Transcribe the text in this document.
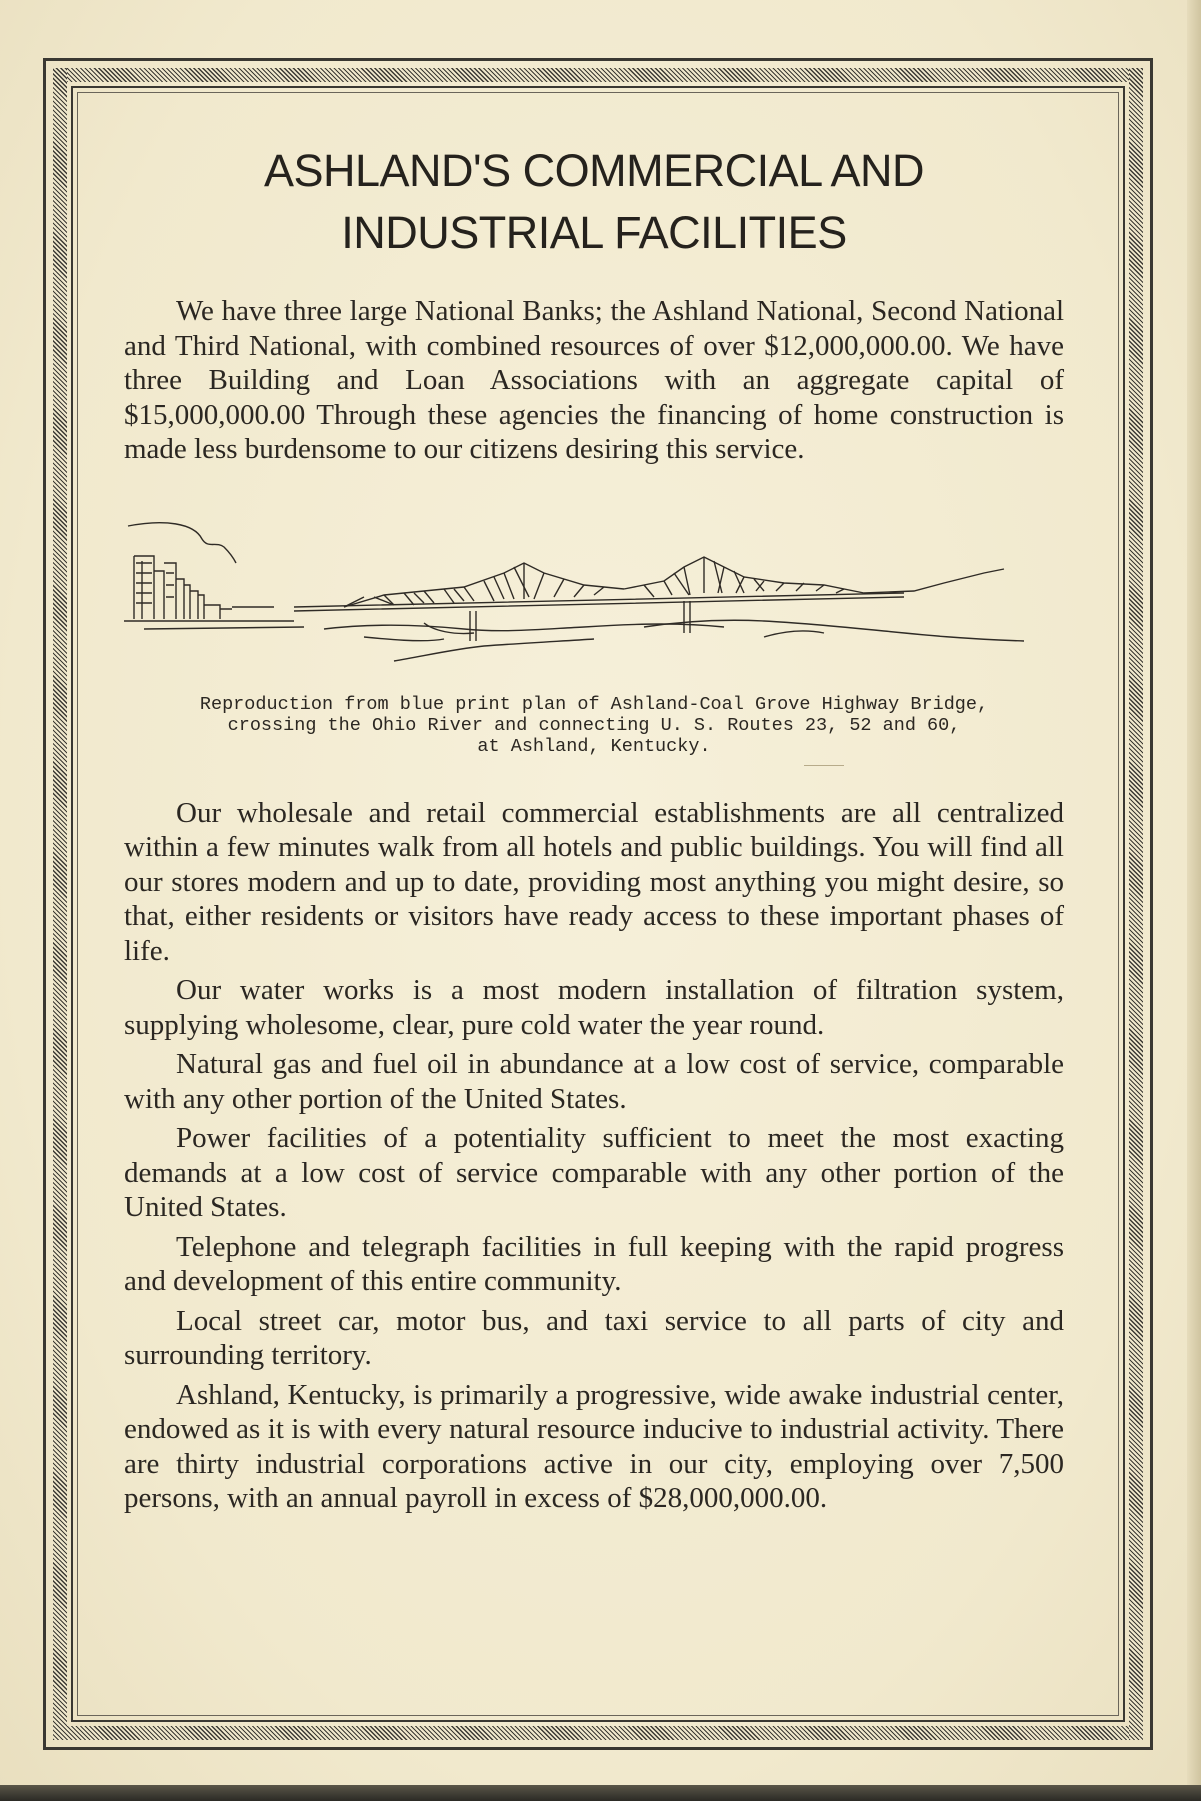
ASHLAND'S COMMERCIAL AND
INDUSTRIAL FACILITIES

We have three large National Banks; the Ashland National, Second National and Third National, with combined resources of over $12,000,000.00. We have three Building and Loan Associations with an aggregate capital of $15,000,000.00 Through these agencies the financing of home construction is made less burdensome to our citizens desiring this service.

Reproduction from blue print plan of Ashland-Coal Grove Highway Bridge,
crossing the Ohio River and connecting U. S. Routes 23, 52 and 60,
at Ashland, Kentucky.

Our wholesale and retail commercial establishments are all centralized within a few minutes walk from all hotels and public buildings. You will find all our stores modern and up to date, providing most anything you might desire, so that, either residents or visitors have ready access to these important phases of life.

Our water works is a most modern installation of filtration system, supplying wholesome, clear, pure cold water the year round.

Natural gas and fuel oil in abundance at a low cost of service, comparable with any other portion of the United States.

Power facilities of a potentiality sufficient to meet the most exacting demands at a low cost of service comparable with any other portion of the United States.

Telephone and telegraph facilities in full keeping with the rapid progress and development of this entire community.

Local street car, motor bus, and taxi service to all parts of city and surrounding territory.

Ashland, Kentucky, is primarily a progressive, wide awake industrial center, endowed as it is with every natural resource inducive to industrial activity. There are thirty industrial corporations active in our city, employing over 7,500 persons, with an annual payroll in excess of $28,000,000.00.
